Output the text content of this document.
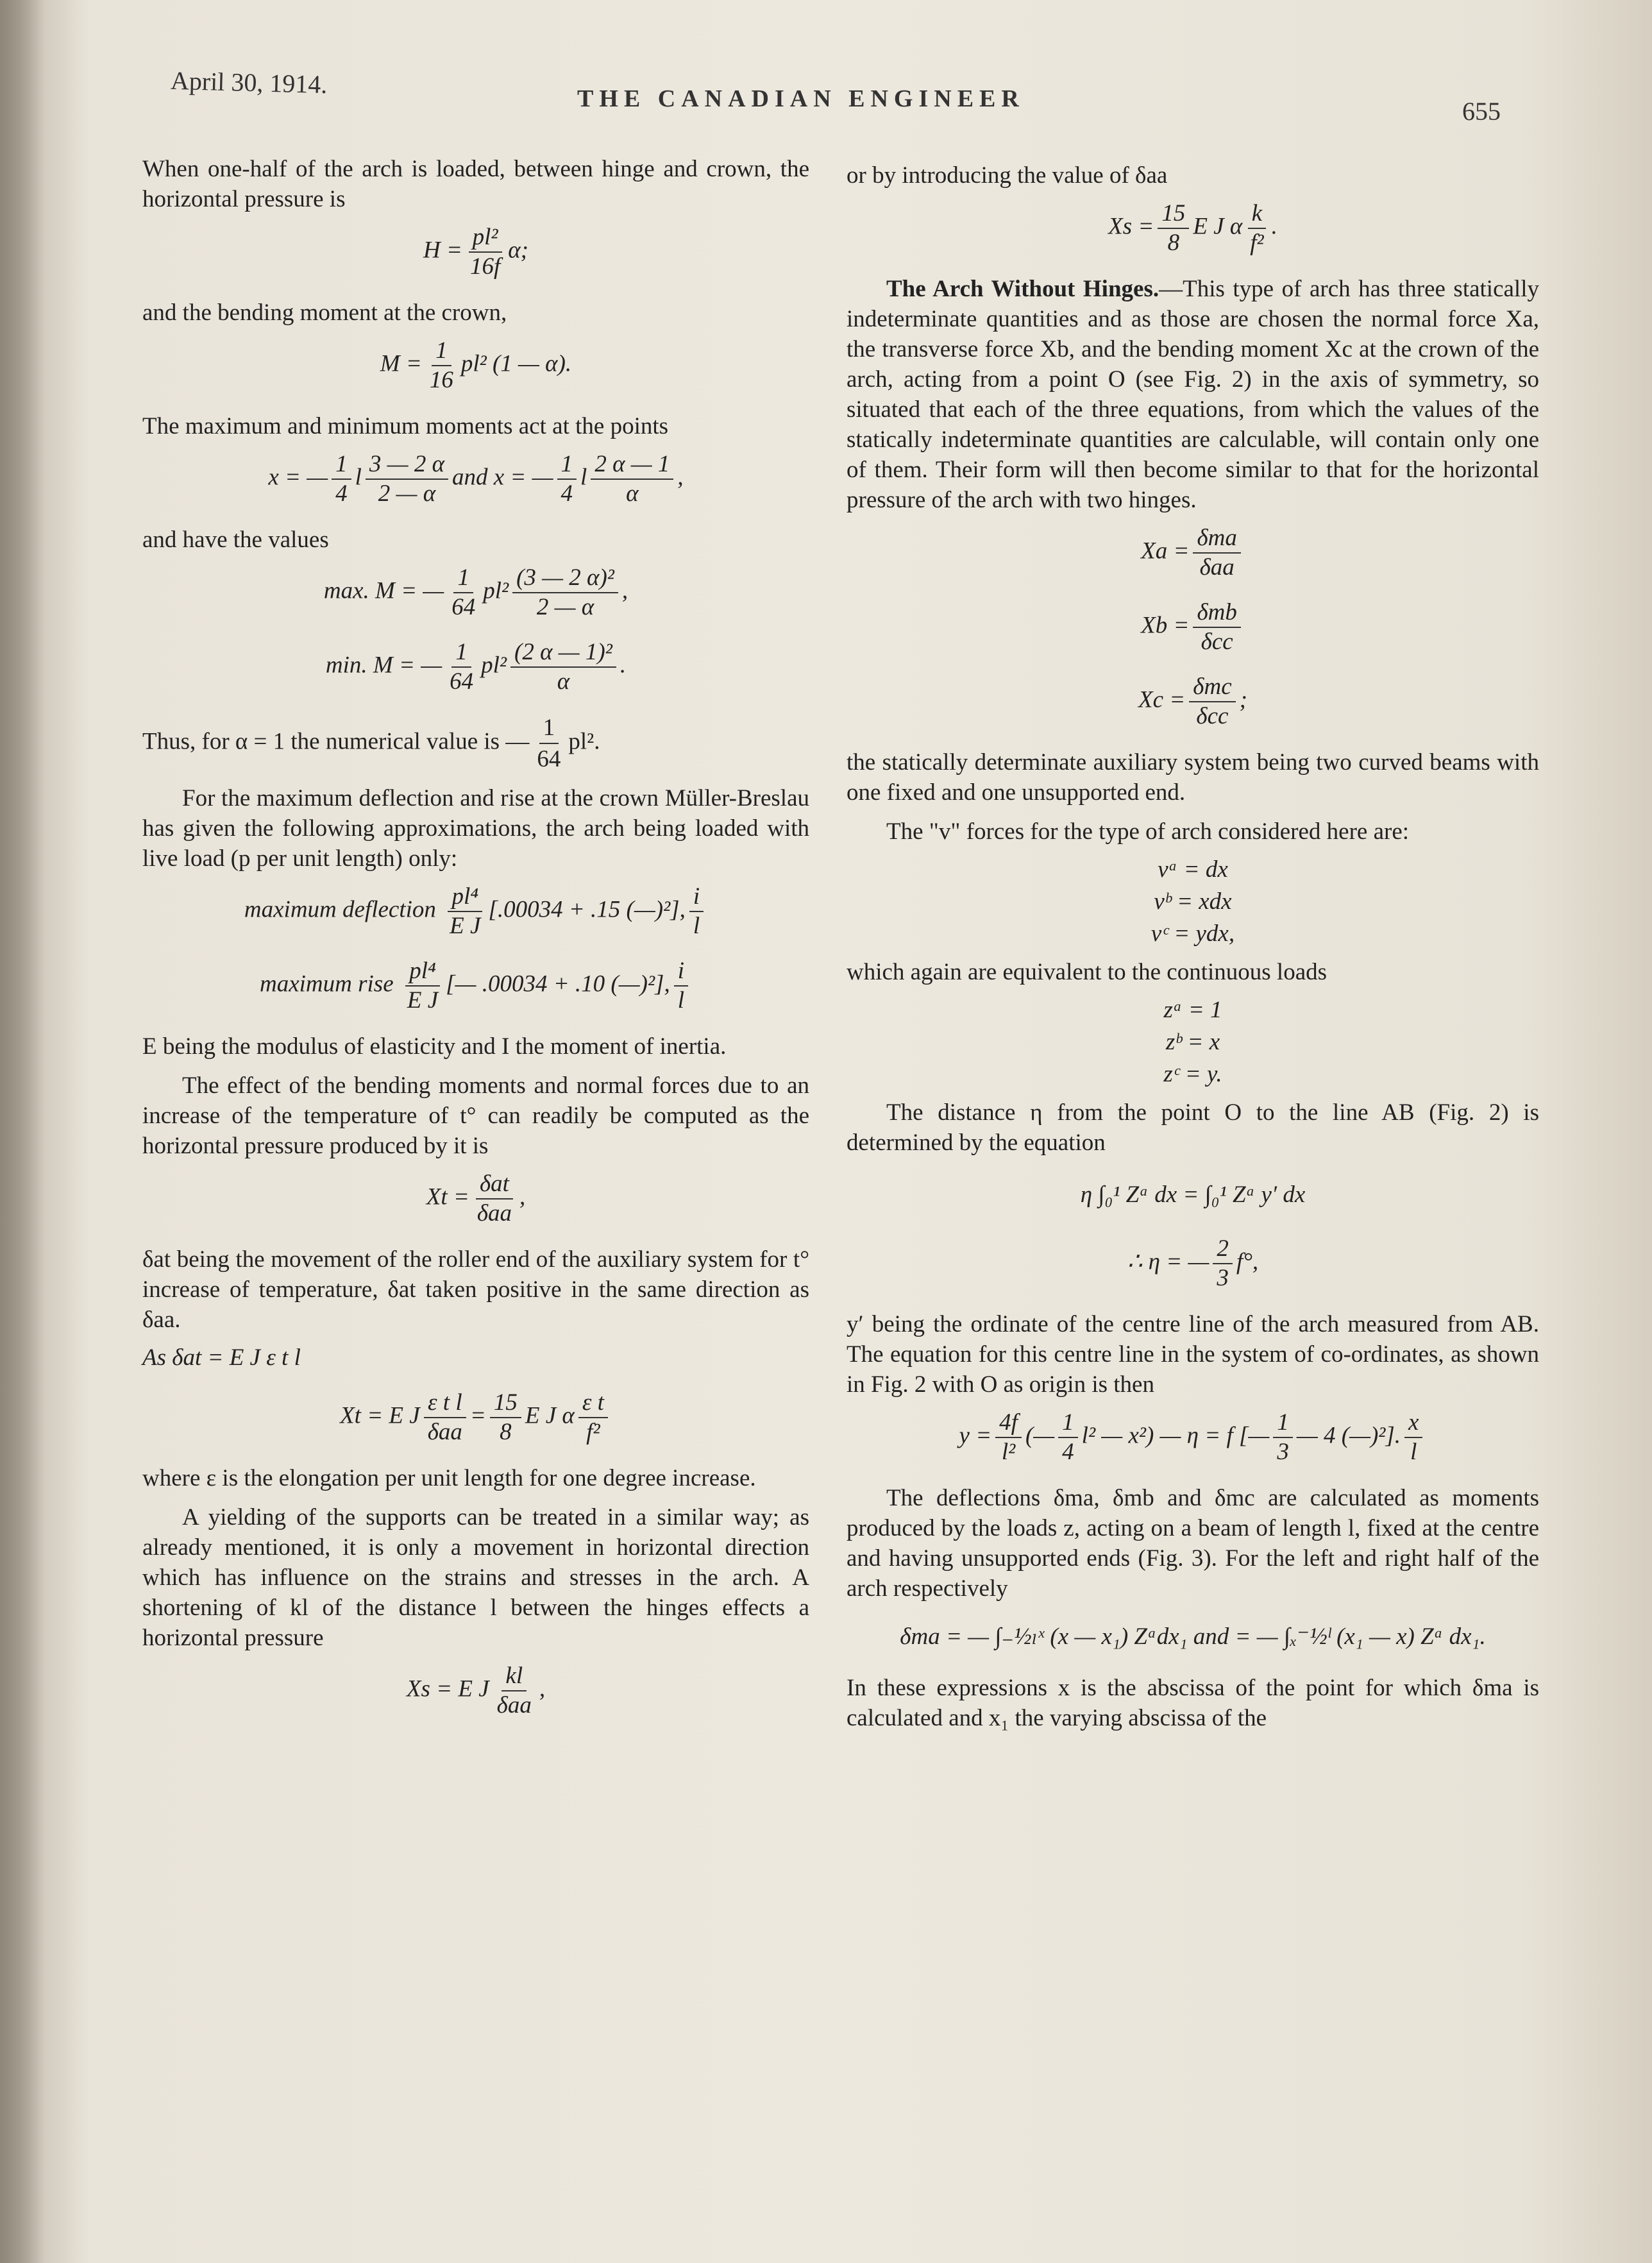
April 30, 1914.	THE CANADIAN ENGINEER	655

When one-half of the arch is loaded, between hinge and crown, the horizontal pressure is

$H = \frac{\text{pl²}}{16f} \alpha$;

and the bending moment at the crown,

$M = \frac{1}{16} pl^2$ (1 — α).

The maximum and minimum moments act at the points

x = — $\frac{1}{4}$ l $\frac{3 — 2 \alpha}{2 — \alpha}$ and x = — $\frac{1}{4}$ l $\frac{2 \alpha — 1}{\alpha}$ ,

and have the values

max. M = — $\frac{1}{64} pl^2 \frac{\text{(3 — 2 α)²}}{2 — \alpha}$ ,
min. M = — $\frac{1}{64} pl^2 \frac{\text{(2 α — 1)²}}{\alpha}$ .

Thus, for α = 1 the numerical value is — $\frac{1}{64} pl^2$.

For the maximum deflection and rise at the crown Müller-Breslau has given the following approximations, the arch being loaded with live load (p per unit length) only:

maximum deflection $\frac{\text{pl⁴}}{\text{E J}} [.00034 + .15$ (—)²], $\frac{i}{l}$
maximum rise $\frac{\text{pl⁴}}{\text{E J}}$ [— .00034 + .10 (—)²], $\frac{i}{l}$

E being the modulus of elasticity and I the moment of inertia.

The effect of the bending moments and normal forces due to an increase of the temperature of t° can readily be computed as the horizontal pressure produced by it is

$Xt = \frac{\text{δat}}{\text{δaa}}$ ,

δat being the movement of the roller end of the auxiliary system for t° increase of temperature, δat taken positive in the same direction as δaa.

As δat = E J ε t l
Xt = E J $\frac{\text{ε t l}}{\text{δaa}} = \frac{15}{8}$ E J α $\frac{\text{ε t}}{\text{f²}}$

where ε is the elongation per unit length for one degree increase.

A yielding of the supports can be treated in a similar way; as already mentioned, it is only a movement in horizontal direction which has influence on the strains and stresses in the arch. A shortening of kl of the distance l between the hinges effects a horizontal pressure

Xs = E J $\frac{kl}{\text{δaa}}$ ,

or by introducing the value of δaa

$Xs = \frac{15}{8}$ E J α $\frac{k}{\text{f²}}$ .

The Arch Without Hinges.—This type of arch has three statically indeterminate quantities and as those are chosen the normal force Xa, the transverse force Xb, and the bending moment Xc at the crown of the arch, acting from a point O (see Fig. 2) in the axis of symmetry, so situated that each of the three equations, from which the values of the statically indeterminate quantities are calculable, will contain only one of them. Their form will then become similar to that for the horizontal pressure of the arch with two hinges.

$Xa = \frac{\text{δma}}{\text{δaa}}$
$Xb = \frac{\text{δmb}}{\text{δcc}}$
$Xc = \frac{\text{δmc}}{\text{δcc}}$ ;

the statically determinate auxiliary system being two curved beams with one fixed and one unsupported end.

The "v" forces for the type of arch considered here are:

vᵃ = dx
vᵇ = xdx
vᶜ = ydx,

which again are equivalent to the continuous loads

zᵃ = 1
zᵇ = x
zᶜ = y.

The distance η from the point O to the line AB (Fig. 2) is determined by the equation

η ∫₀¹ Zᵃ dx = ∫₀¹ Zᵃ y′ dx
∴ η = — $\frac{2}{3} f^\circ$,

y′ being the ordinate of the centre line of the arch measured from AB. The equation for this centre line in the system of co-ordinates, as shown in Fig. 2 with O as origin is then

$y = \frac{4f}{\text{l²}}$ (— $\frac{1}{4} l^2$ — x²) — η = f [— $\frac{1}{3}$ — 4 (—)²]. $\frac{x}{l}$

The deflections δma, δmb and δmc are calculated as moments produced by the loads z, acting on a beam of length l, fixed at the centre and having unsupported ends (Fig. 3). For the left and right half of the arch respectively

δma = — ∫₋½ₗˣ (x — x₁) Zᵃdx₁ and = — ∫ₓ⁻½ˡ (x₁ — x) Zᵃ dx₁.

In these expressions x is the abscissa of the point for which δma is calculated and x₁ the varying abscissa of the
